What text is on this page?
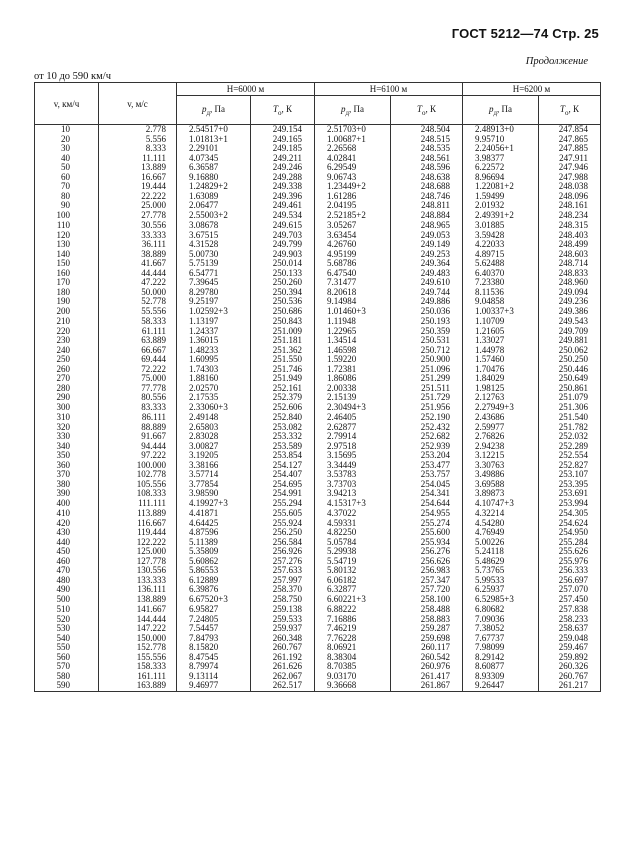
ГОСТ 5212—74 Стр. 25
Продолжение
от 10 до 590 км/ч
v, км/ч	v, м/с	H=6000 м		H=6100 м		H=6200 м	
		$p_д$, Па	$T_о$, К	$p_д$, Па	$T_о$, К	$p_д$, Па	$T_о$, К
10	2.778	2.54517+0	249.154	2.51703+0	248.504	2.48913+0	247.854
20	5.556	1.01813+1	249.165	1.00687+1	248.515	9.95710	247.865
30	8.333	2.29101	249.185	2.26568	248.535	2.24056+1	247.885
40	11.111	4.07345	249.211	4.02841	248.561	3.98377	247.911
50	13.889	6.36587	249.246	6.29549	248.596	6.22572	247.946
60	16.667	9.16880	249.288	9.06743	248.638	8.96694	247.988
70	19.444	1.24829+2	249.338	1.23449+2	248.688	1.22081+2	248.038
80	22.222	1.63089	249.396	1.61286	248.746	1.59499	248.096
90	25.000	2.06477	249.461	2.04195	248.811	2.01932	248.161
100	27.778	2.55003+2	249.534	2.52185+2	248.884	2.49391+2	248.234
110	30.556	3.08678	249.615	3.05267	248.965	3.01885	248.315
120	33.333	3.67515	249.703	3.63454	249.053	3.59428	248.403
130	36.111	4.31528	249.799	4.26760	249.149	4.22033	248.499
140	38.889	5.00730	249.903	4.95199	249.253	4.89715	248.603
150	41.667	5.75139	250.014	5.68786	249.364	5.62488	248.714
160	44.444	6.54771	250.133	6.47540	249.483	6.40370	248.833
170	47.222	7.39645	250.260	7.31477	249.610	7.23380	248.960
180	50.000	8.29780	250.394	8.20618	249.744	8.11536	249.094
190	52.778	9.25197	250.536	9.14984	249.886	9.04858	249.236
200	55.556	1.02592+3	250.686	1.01460+3	250.036	1.00337+3	249.386
210	58.333	1.13197	250.843	1.11948	250.193	1.10709	249.543
220	61.111	1.24337	251.009	1.22965	250.359	1.21605	249.709
230	63.889	1.36015	251.181	1.34514	250.531	1.33027	249.881
240	66.667	1.48233	251.362	1.46598	250.712	1.44978	250.062
250	69.444	1.60995	251.550	1.59220	250.900	1.57460	250.250
260	72.222	1.74303	251.746	1.72381	251.096	1.70476	250.446
270	75.000	1.88160	251.949	1.86086	251.299	1.84029	250.649
280	77.778	2.02570	252.161	2.00338	251.511	1.98125	250.861
290	80.556	2.17535	252.379	2.15139	251.729	2.12763	251.079
300	83.333	2.33060+3	252.606	2.30494+3	251.956	2.27949+3	251.306
310	86.111	2.49148	252.840	2.46405	252.190	2.43686	251.540
320	88.889	2.65803	253.082	2.62877	252.432	2.59977	251.782
330	91.667	2.83028	253.332	2.79914	252.682	2.76826	252.032
340	94.444	3.00827	253.589	2.97518	252.939	2.94238	252.289
350	97.222	3.19205	253.854	3.15695	253.204	3.12215	252.554
360	100.000	3.38166	254.127	3.34449	253.477	3.30763	252.827
370	102.778	3.57714	254.407	3.53783	253.757	3.49886	253.107
380	105.556	3.77854	254.695	3.73703	254.045	3.69588	253.395
390	108.333	3.98590	254.991	3.94213	254.341	3.89873	253.691
400	111.111	4.19927+3	255.294	4.15317+3	254.644	4.10747+3	253.994
410	113.889	4.41871	255.605	4.37022	254.955	4.32214	254.305
420	116.667	4.64425	255.924	4.59331	255.274	4.54280	254.624
430	119.444	4.87596	256.250	4.82250	255.600	4.76949	254.950
440	122.222	5.11389	256.584	5.05784	255.934	5.00226	255.284
450	125.000	5.35809	256.926	5.29938	256.276	5.24118	255.626
460	127.778	5.60862	257.276	5.54719	256.626	5.48629	255.976
470	130.556	5.86553	257.633	5.80132	256.983	5.73765	256.333
480	133.333	6.12889	257.997	6.06182	257.347	5.99533	256.697
490	136.111	6.39876	258.370	6.32877	257.720	6.25937	257.070
500	138.889	6.67520+3	258.750	6.60221+3	258.100	6.52985+3	257.450
510	141.667	6.95827	259.138	6.88222	258.488	6.80682	257.838
520	144.444	7.24805	259.533	7.16886	258.883	7.09036	258.233
530	147.222	7.54457	259.937	7.46219	259.287	7.38052	258.637
540	150.000	7.84793	260.348	7.76228	259.698	7.67737	259.048
550	152.778	8.15820	260.767	8.06921	260.117	7.98099	259.467
560	155.556	8.47545	261.192	8.38304	260.542	8.29142	259.892
570	158.333	8.79974	261.626	8.70385	260.976	8.60877	260.326
580	161.111	9.13114	262.067	9.03170	261.417	8.93309	260.767
590	163.889	9.46977	262.517	9.36668	261.867	9.26447	261.217
